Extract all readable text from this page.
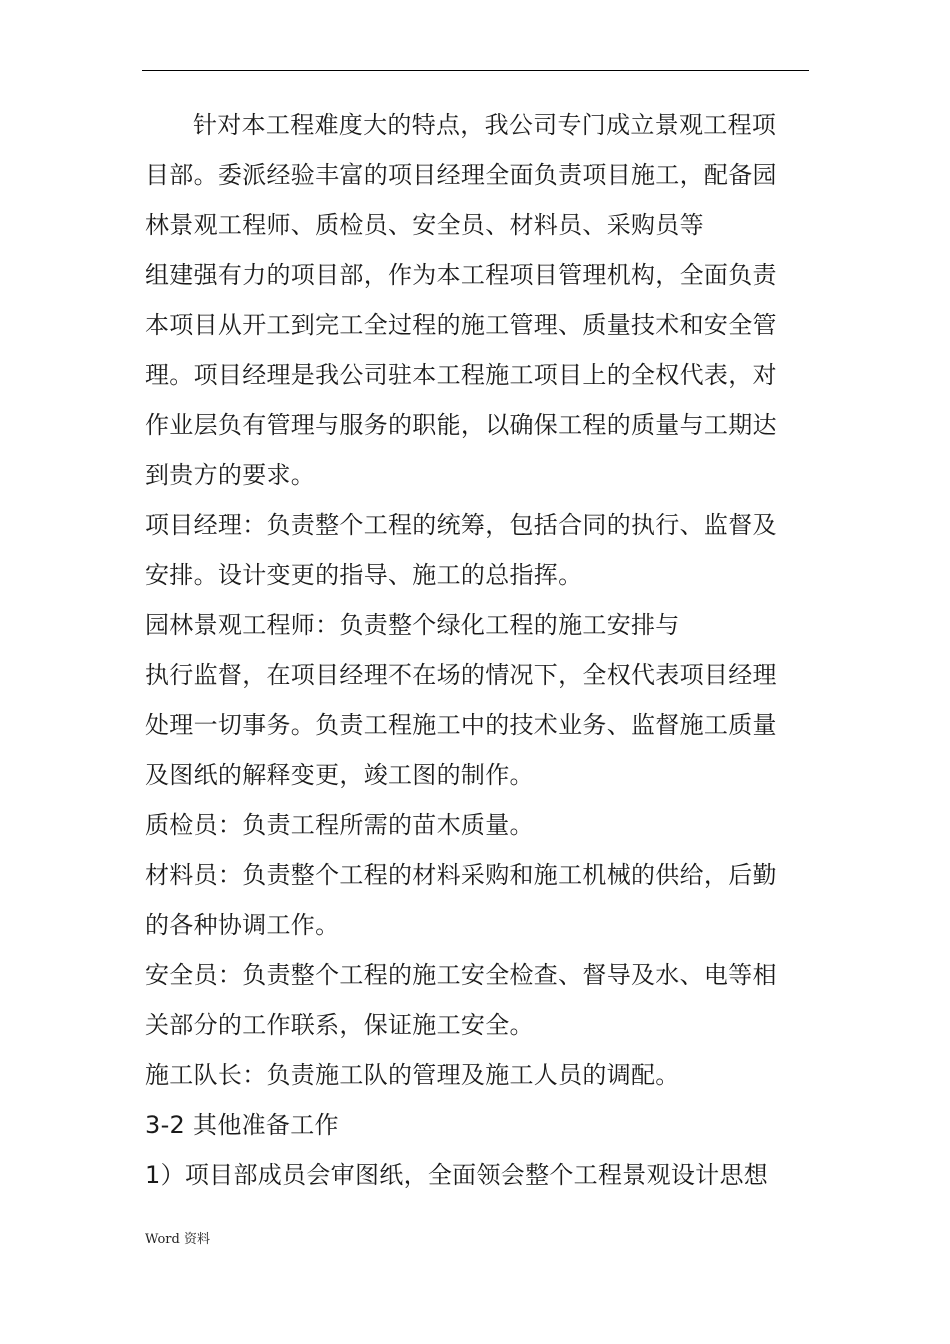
针对本工程难度大的特点，我公司专门成立景观工程项
目部。委派经验丰富的项目经理全面负责项目施工，配备园
林景观工程师、质检员、安全员、材料员、采购员等
组建强有力的项目部，作为本工程项目管理机构，全面负责
本项目从开工到完工全过程的施工管理、质量技术和安全管
理。项目经理是我公司驻本工程施工项目上的全权代表，对
作业层负有管理与服务的职能，以确保工程的质量与工期达
到贵方的要求。
项目经理：负责整个工程的统筹，包括合同的执行、监督及
安排。设计变更的指导、施工的总指挥。
园林景观工程师：负责整个绿化工程的施工安排与
执行监督，在项目经理不在场的情况下，全权代表项目经理
处理一切事务。负责工程施工中的技术业务、监督施工质量
及图纸的解释变更，竣工图的制作。
质检员：负责工程所需的苗木质量。
材料员：负责整个工程的材料采购和施工机械的供给，后勤
的各种协调工作。
安全员：负责整个工程的施工安全检查、督导及水、电等相
关部分的工作联系，保证施工安全。
施工队长：负责施工队的管理及施工人员的调配。
3-2 其他准备工作
1）项目部成员会审图纸，全面领会整个工程景观设计思想
Word 资料
